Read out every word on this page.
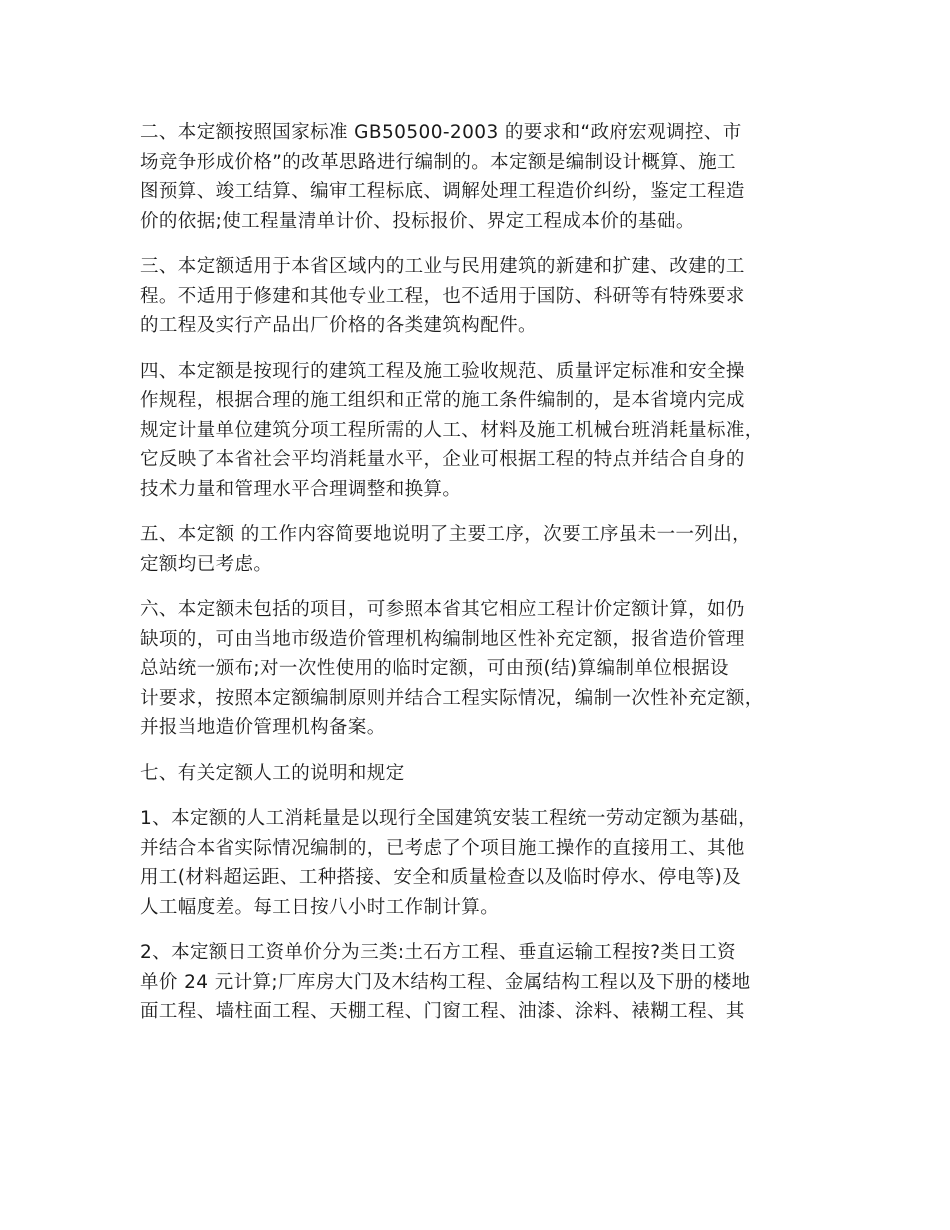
二、本定额按照国家标准 GB50500-2003 的要求和“政府宏观调控、市
场竞争形成价格”的改革思路进行编制的。本定额是编制设计概算、施工
图预算、竣工结算、编审工程标底、调解处理工程造价纠纷，鉴定工程造
价的依据;使工程量清单计价、投标报价、界定工程成本价的基础。

三、本定额适用于本省区域内的工业与民用建筑的新建和扩建、改建的工
程。不适用于修建和其他专业工程，也不适用于国防、科研等有特殊要求
的工程及实行产品出厂价格的各类建筑构配件。

四、本定额是按现行的建筑工程及施工验收规范、质量评定标准和安全操
作规程，根据合理的施工组织和正常的施工条件编制的，是本省境内完成
规定计量单位建筑分项工程所需的人工、材料及施工机械台班消耗量标准，
它反映了本省社会平均消耗量水平，企业可根据工程的特点并结合自身的
技术力量和管理水平合理调整和换算。

五、本定额 的工作内容简要地说明了主要工序，次要工序虽未一一列出，
定额均已考虑。

六、本定额未包括的项目，可参照本省其它相应工程计价定额计算，如仍
缺项的，可由当地市级造价管理机构编制地区性补充定额，报省造价管理
总站统一颁布;对一次性使用的临时定额，可由预(结)算编制单位根据设
计要求，按照本定额编制原则并结合工程实际情况，编制一次性补充定额，
并报当地造价管理机构备案。

七、有关定额人工的说明和规定

1、本定额的人工消耗量是以现行全国建筑安装工程统一劳动定额为基础，
并结合本省实际情况编制的，已考虑了个项目施工操作的直接用工、其他
用工(材料超运距、工种搭接、安全和质量检查以及临时停水、停电等)及
人工幅度差。每工日按八小时工作制计算。

2、本定额日工资单价分为三类:土石方工程、垂直运输工程按?类日工资
单价 24 元计算;厂库房大门及木结构工程、金属结构工程以及下册的楼地
面工程、墙柱面工程、天棚工程、门窗工程、油漆、涂料、裱糊工程、其
